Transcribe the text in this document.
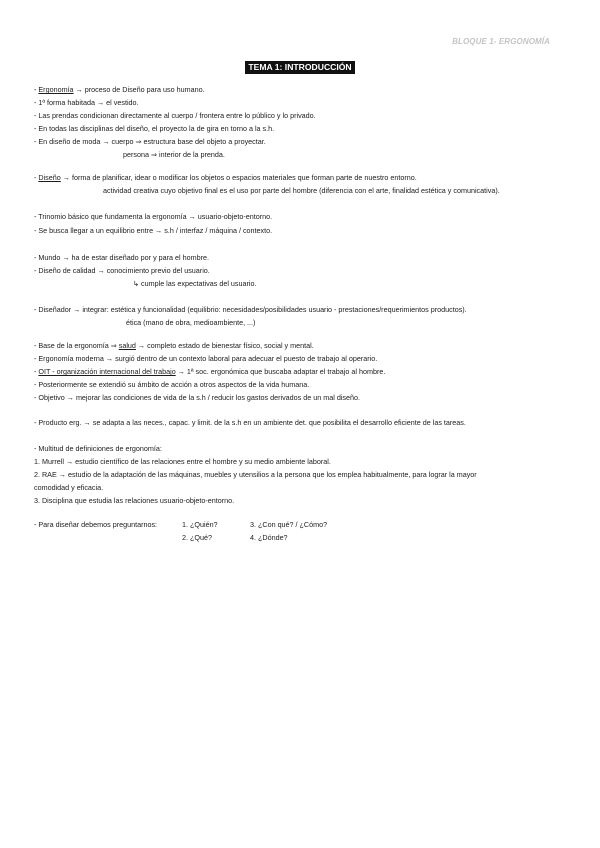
BLOQUE 1- ERGONOMÍA
TEMA 1: INTRODUCCIÓN
- Ergonomía → proceso de Diseño para uso humano.
- 1ª forma habitada → el vestido.
- Las prendas condicionan directamente al cuerpo / frontera entre lo público y lo privado.
- En todas las disciplinas del diseño, el proyecto la de gira en torno a la s.h.
- En diseño de moda → cuerpo ⇒ estructura base del objeto a proyectar.
persona ⇒ interior de la prenda.
- Diseño → forma de planificar, idear o modificar los objetos o espacios materiales que forman parte de nuestro entorno.
actividad creativa cuyo objetivo final es el uso por parte del hombre (diferencia con el arte, finalidad estética y comunicativa).
- Trinomio básico que fundamenta la ergonomía → usuario-objeto-entorno.
- Se busca llegar a un equilibrio entre → s.h / interfaz / máquina / contexto.
- Mundo → ha de estar diseñado por y para el hombre.
- Diseño de calidad → conocimiento previo del usuario.
↳ cumple las expectativas del usuario.
- Diseñador → integrar: estética y funcionalidad (equilibrio: necesidades/posibilidades usuario - prestaciones/requerimientos productos).
ética (mano de obra, medioambiente, ...)
- Base de la ergonomía ⇒ salud → completo estado de bienestar físico, social y mental.
- Ergonomía moderna → surgió dentro de un contexto laboral para adecuar el puesto de trabajo al operario.
- OIT - organización internacional del trabajo → 1ª soc. ergonómica que buscaba adaptar el trabajo al hombre.
- Posteriormente se extendió su ámbito de acción a otros aspectos de la vida humana.
- Objetivo → mejorar las condiciones de vida de la s.h / reducir los gastos derivados de un mal diseño.
- Producto erg. → se adapta a las neces., capac. y limit. de la s.h en un ambiente det. que posibilita el desarrollo eficiente de las tareas.
- Multitud de definiciones de ergonomía:
1. Murrell → estudio científico de las relaciones entre el hombre y su medio ambiente laboral.
2. RAE → estudio de la adaptación de las máquinas, muebles y utensilios a la persona que los emplea habitualmente, para lograr la mayor
comodidad y eficacia.
3. Disciplina que estudia las relaciones usuario-objeto-entorno.
- Para diseñar debemos preguntarnos:	1. ¿Quién?	3. ¿Con qué? / ¿Cómo?
2. ¿Qué?	4. ¿Dónde?
